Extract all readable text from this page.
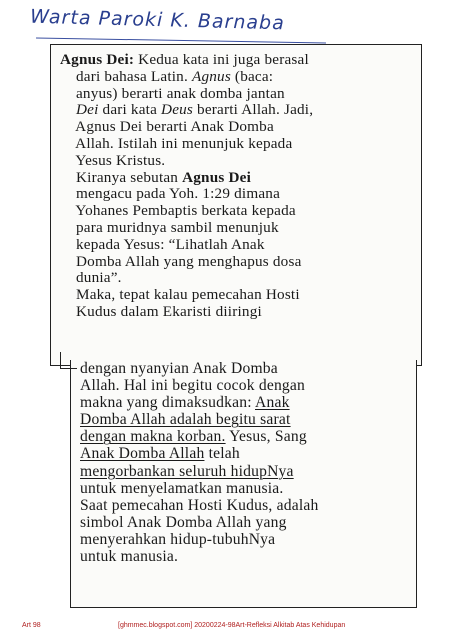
Warta Paroki K. Barnaba
Agnus Dei: Kedua kata ini juga berasal
dari bahasa Latin. Agnus (baca:
anyus) berarti anak domba jantan
Dei dari kata Deus berarti Allah. Jadi,
Agnus Dei berarti Anak Domba
Allah. Istilah ini menunjuk kepada
Yesus Kristus.
Kiranya sebutan Agnus Dei
mengacu pada Yoh. 1:29 dimana
Yohanes Pembaptis berkata kepada
para muridnya sambil menunjuk
kepada Yesus: “Lihatlah Anak
Domba Allah yang menghapus dosa
dunia”.
Maka, tepat kalau pemecahan Hosti
Kudus dalam Ekaristi diiringi
dengan nyanyian Anak Domba
Allah. Hal ini begitu cocok dengan
makna yang dimaksudkan: Anak
Domba Allah adalah begitu sarat
dengan makna korban. Yesus, Sang
Anak Domba Allah telah
mengorbankan seluruh hidupNya
untuk menyelamatkan manusia.
Saat pemecahan Hosti Kudus, adalah
simbol Anak Domba Allah yang
menyerahkan hidup-tubuhNya
untuk manusia.
Art 98	[ghmmec.blogspot.com] 20200224-98Art-Refleksi Alkitab Atas Kehidupan
